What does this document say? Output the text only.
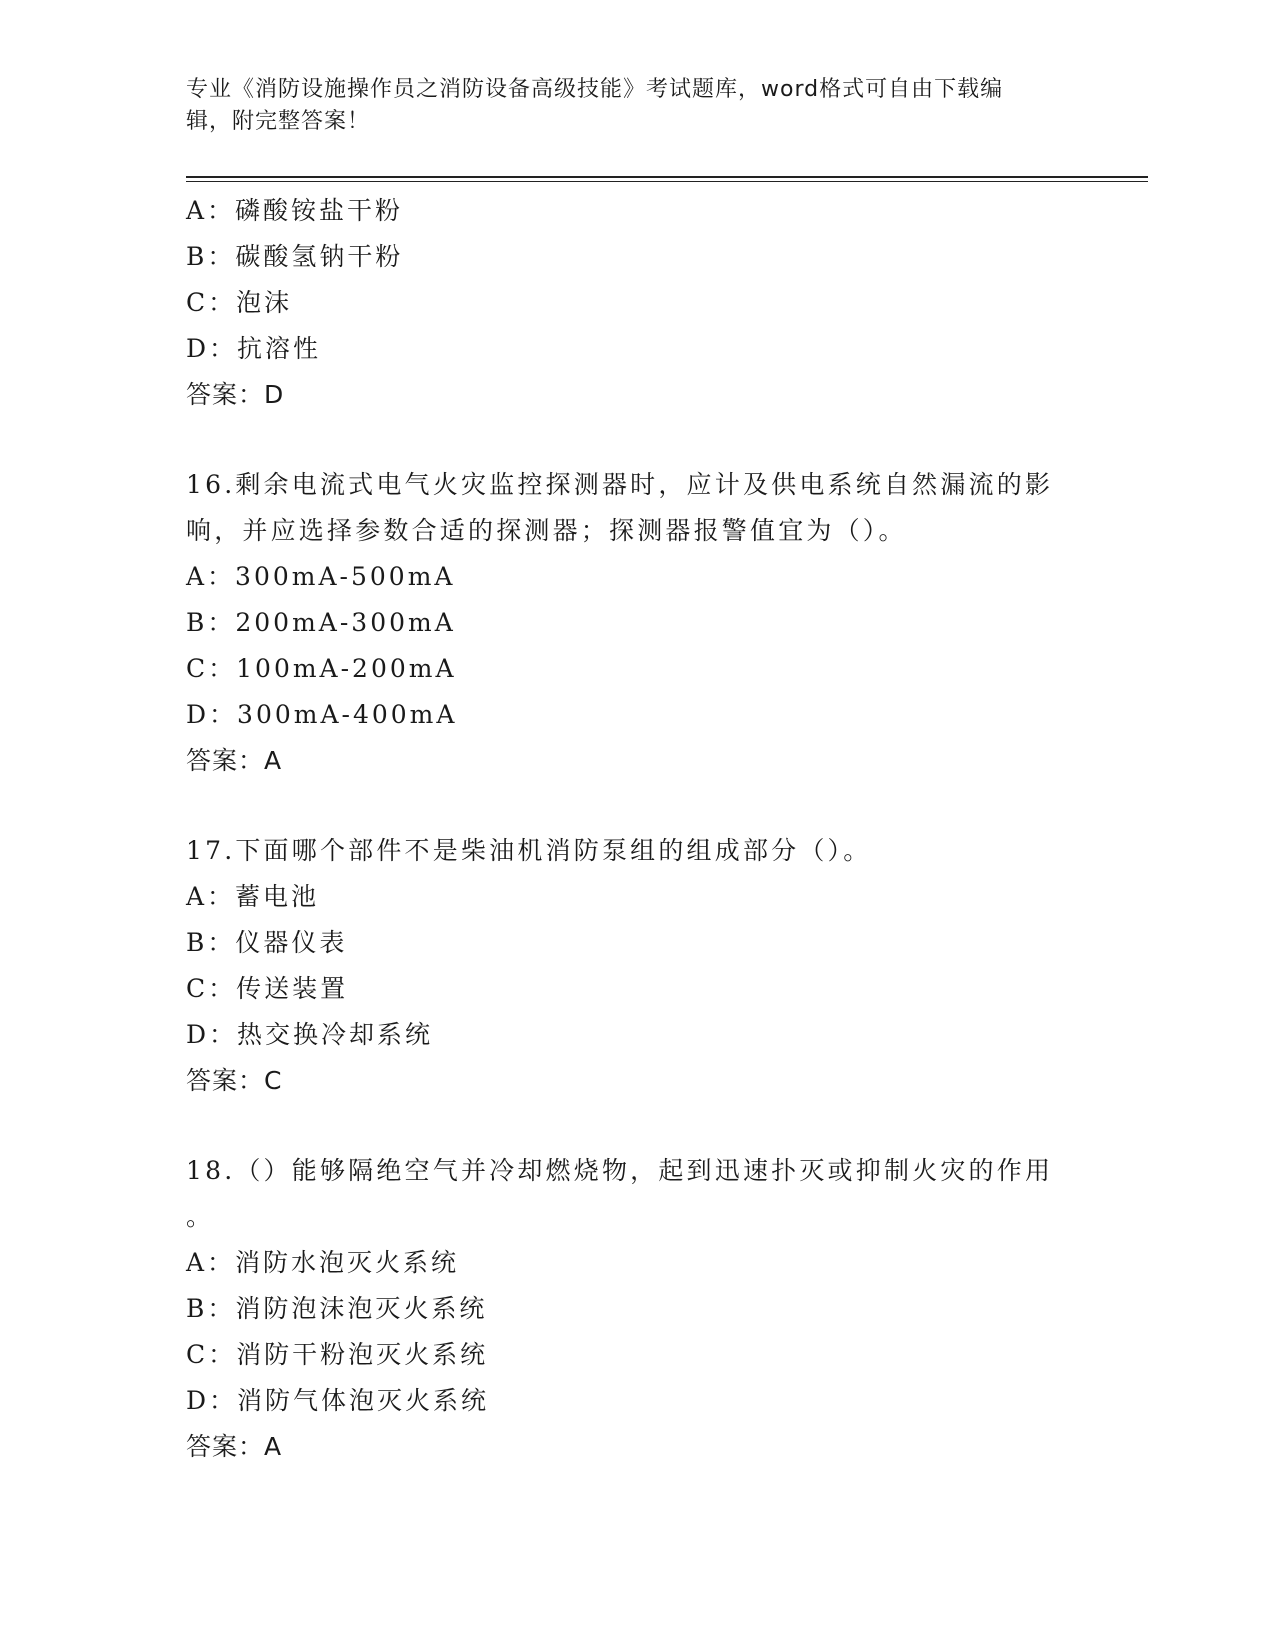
专业《消防设施操作员之消防设备高级技能》考试题库，word格式可自由下载编
辑，附完整答案！
A：磷酸铵盐干粉
B：碳酸氢钠干粉
C：泡沫
D：抗溶性
答案：D
16.剩余电流式电气火灾监控探测器时，应计及供电系统自然漏流的影
响，并应选择参数合适的探测器；探测器报警值宜为（）。
A：300mA-500mA
B：200mA-300mA
C：100mA-200mA
D：300mA-400mA
答案：A
17.下面哪个部件不是柴油机消防泵组的组成部分（）。
A：蓄电池
B：仪器仪表
C：传送装置
D：热交换冷却系统
答案：C
18.（）能够隔绝空气并冷却燃烧物，起到迅速扑灭或抑制火灾的作用
。
A：消防水泡灭火系统
B：消防泡沫泡灭火系统
C：消防干粉泡灭火系统
D：消防气体泡灭火系统
答案：A
